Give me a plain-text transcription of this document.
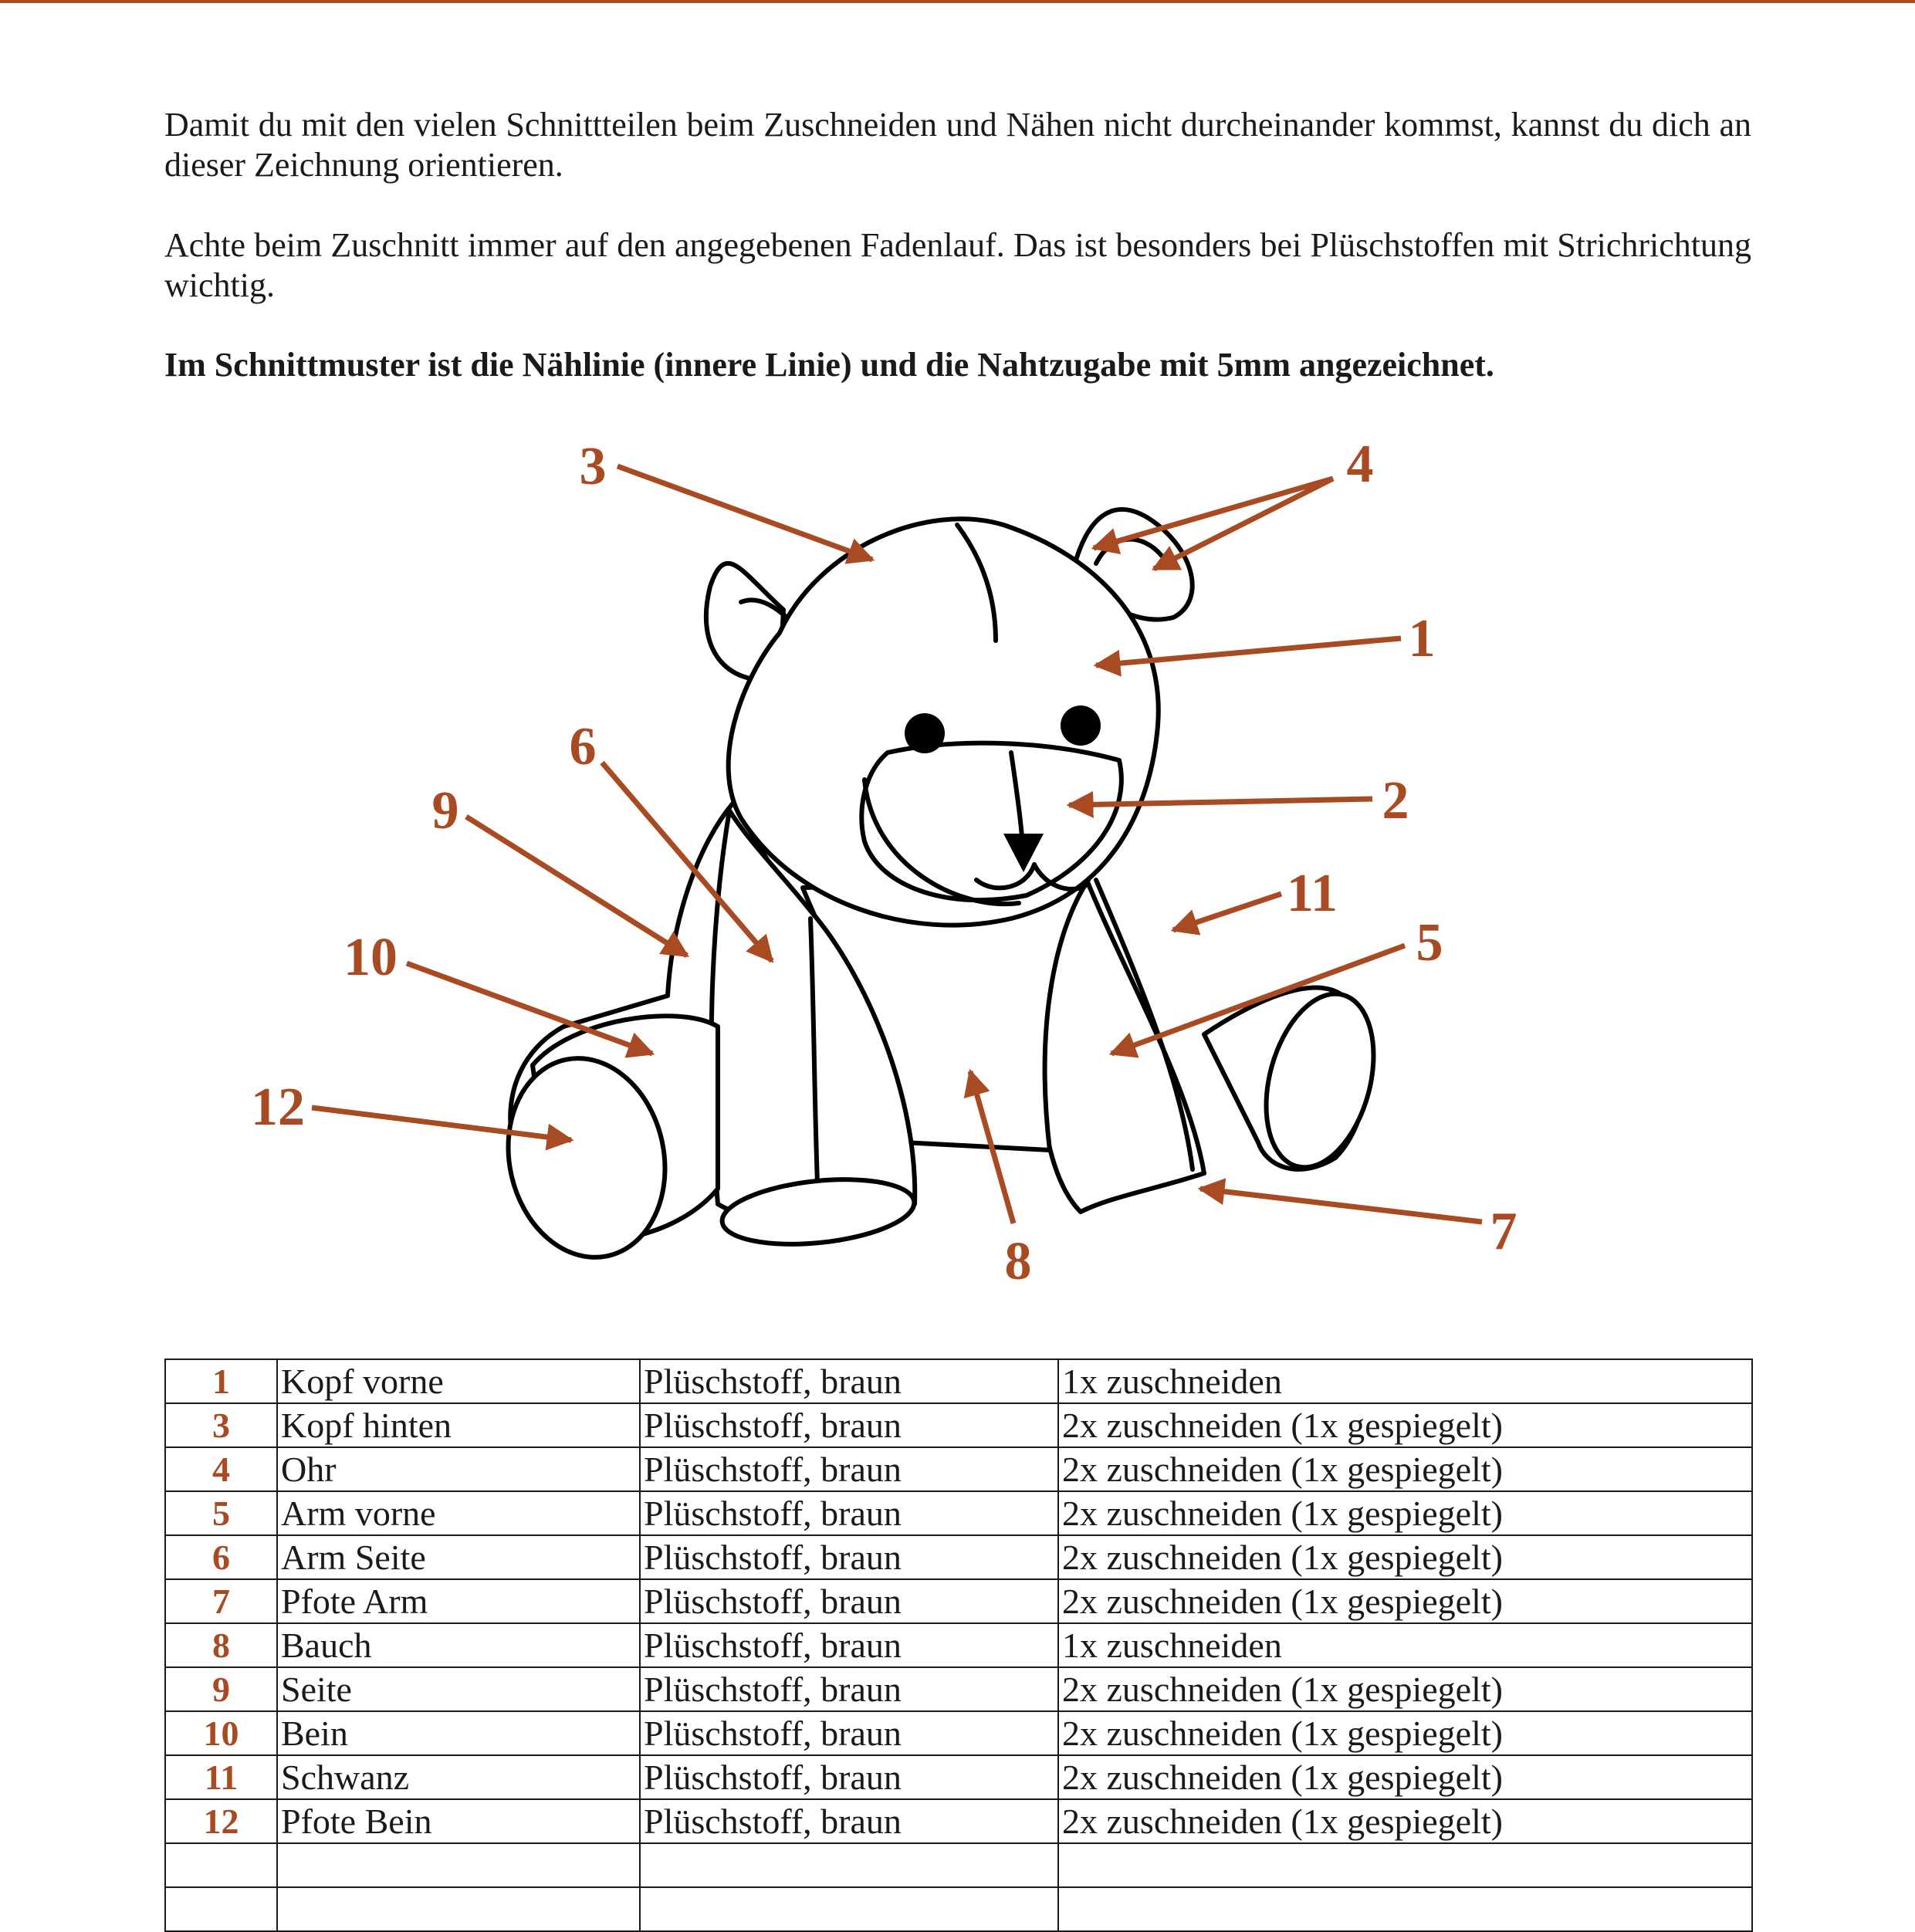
Damit du mit den vielen Schnittteilen beim Zuschneiden und Nähen nicht durcheinander kommst, kannst du dich an dieser Zeichnung orientieren.

Achte beim Zuschnitt immer auf den angegebenen Fadenlauf. Das ist besonders bei Plüschstoffen mit Strichrichtung wichtig.

Im Schnittmuster ist die Nählinie (innere Linie) und die Nahtzugabe mit 5mm angezeichnet.

1
2
3	4
5
6
7
8
9
10
11
12
1	Kopf vorne	Plüschstoff, braun	1x zuschneiden
3	Kopf hinten	Plüschstoff, braun	2x zuschneiden (1x gespiegelt)
4	Ohr	Plüschstoff, braun	2x zuschneiden (1x gespiegelt)
5	Arm vorne	Plüschstoff, braun	2x zuschneiden (1x gespiegelt)
6	Arm Seite	Plüschstoff, braun	2x zuschneiden (1x gespiegelt)
7	Pfote Arm	Plüschstoff, braun	2x zuschneiden (1x gespiegelt)
8	Bauch	Plüschstoff, braun	1x zuschneiden
9	Seite	Plüschstoff, braun	2x zuschneiden (1x gespiegelt)
10	Bein	Plüschstoff, braun	2x zuschneiden (1x gespiegelt)
11	Schwanz	Plüschstoff, braun	2x zuschneiden (1x gespiegelt)
12	Pfote Bein	Plüschstoff, braun	2x zuschneiden (1x gespiegelt)
